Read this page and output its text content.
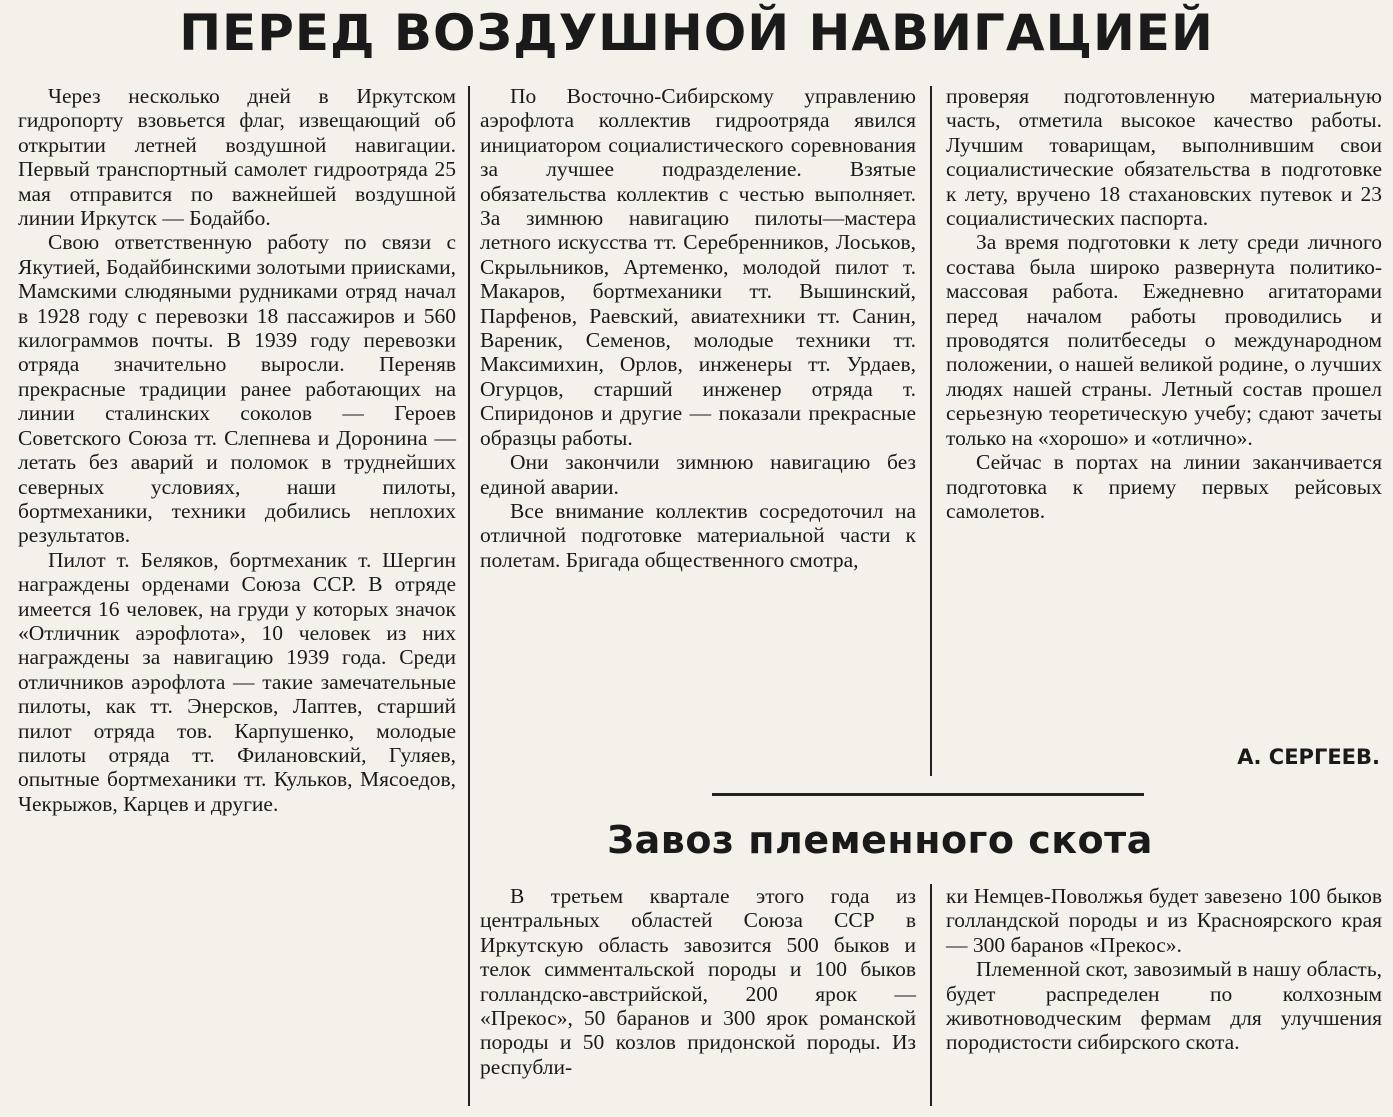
ПЕРЕД ВОЗДУШНОЙ НАВИГАЦИЕЙ

Через несколько дней в Иркутском гидропорту взовьется флаг, извещающий об открытии летней воздушной навигации. Первый транспортный самолет гидроотряда 25 мая отправится по важнейшей воздушной линии Иркутск — Бодайбо.

Свою ответственную работу по связи с Якутией, Бодайбинскими золотыми приисками, Мамскими слюдяными рудниками отряд начал в 1928 году с перевозки 18 пассажиров и 560 килограммов почты. В 1939 году перевозки отряда значительно выросли. Переняв прекрасные традиции ранее работающих на линии сталинских соколов — Героев Советского Союза тт. Слепнева и Доронина — летать без аварий и поломок в труднейших северных условиях, наши пилоты, бортмеханики, техники добились неплохих результатов.

Пилот т. Беляков, бортмеханик т. Шергин награждены орденами Союза ССР. В отряде имеется 16 человек, на груди у которых значок «Отличник аэрофлота», 10 человек из них награждены за навигацию 1939 года. Среди отличников аэрофлота — такие замечательные пилоты, как тт. Энерсков, Лаптев, старший пилот отряда тов. Карпушенко, молодые пилоты отряда тт. Филановский, Гуляев, опытные бортмеханики тт. Кульков, Мясоедов, Чекрыжов, Карцев и другие.

По Восточно-Сибирскому управлению аэрофлота коллектив гидроотряда явился инициатором социалистического соревнования за лучшее подразделение. Взятые обязательства коллектив с честью выполняет. За зимнюю навигацию пилоты—мастера летного искусства тт. Серебренников, Лоськов, Скрыльников, Артеменко, молодой пилот т. Макаров, бортмеханики тт. Вышинский, Парфенов, Раевский, авиатехники тт. Санин, Вареник, Семенов, молодые техники тт. Максимихин, Орлов, инженеры тт. Урдаев, Огурцов, старший инженер отряда т. Спиридонов и другие — показали прекрасные образцы работы.

Они закончили зимнюю навигацию без единой аварии.

Все внимание коллектив сосредоточил на отличной подготовке материальной части к полетам. Бригада общественного смотра,

проверяя подготовленную материальную часть, отметила высокое качество работы. Лучшим товарищам, выполнившим свои социалистические обязательства в подготовке к лету, вручено 18 стахановских путевок и 23 социалистических паспорта.

За время подготовки к лету среди личного состава была широко развернута политико-массовая работа. Ежедневно агитаторами перед началом работы проводились и проводятся политбеседы о международном положении, о нашей великой родине, о лучших людях нашей страны. Летный состав прошел серьезную теоретическую учебу; сдают зачеты только на «хорошо» и «отлично».

Сейчас в портах на линии заканчивается подготовка к приему первых рейсовых самолетов.

А. СЕРГЕЕВ.
Завоз племенного скота

В третьем квартале этого года из центральных областей Союза ССР в Иркутскую область завозится 500 быков и телок симментальской породы и 100 быков голландско-австрийской, 200 ярок — «Прекос», 50 баранов и 300 ярок романской породы и 50 козлов придонской породы. Из республи-

ки Немцев-Поволжья будет завезено 100 быков голландской породы и из Красноярского края — 300 баранов «Прекос».

Племенной скот, завозимый в нашу область, будет распределен по колхозным животноводческим фермам для улучшения породистости сибирского скота.
